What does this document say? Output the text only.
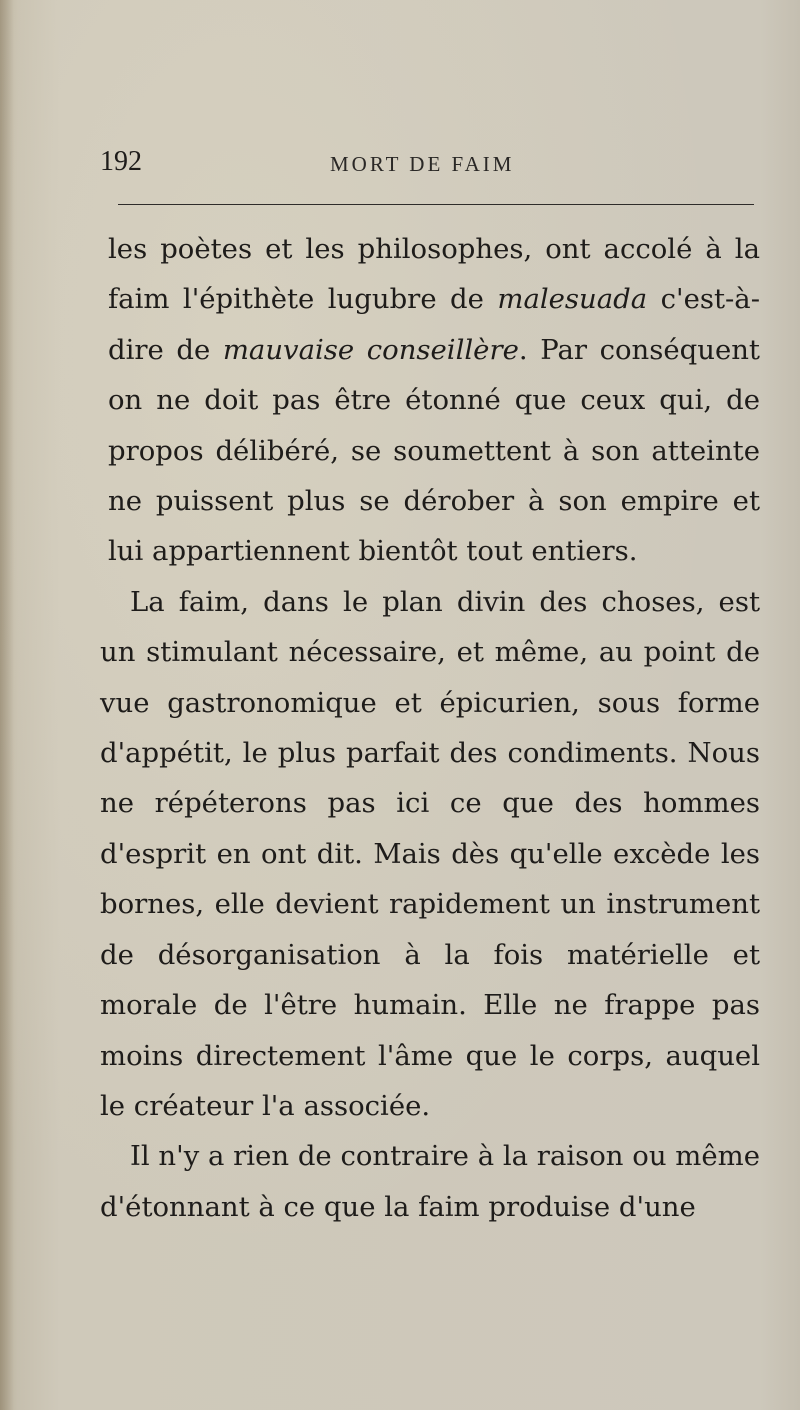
192	MORT DE FAIM

les poètes et les philosophes, ont accolé à la faim l'épithète lugubre de malesuada c'est-à-dire de mauvaise conseillère. Par conséquent on ne doit pas être étonné que ceux qui, de propos délibéré, se soumettent à son atteinte ne puissent plus se dérober à son empire et lui appartiennent bientôt tout entiers.

La faim, dans le plan divin des choses, est un stimulant nécessaire, et même, au point de vue gastronomique et épicurien, sous forme d'appétit, le plus parfait des condiments. Nous ne répéterons pas ici ce que des hommes d'esprit en ont dit. Mais dès qu'elle excède les bornes, elle devient rapidement un instrument de désorganisation à la fois matérielle et morale de l'être humain. Elle ne frappe pas moins directement l'âme que le corps, auquel le créateur l'a associée.

Il n'y a rien de contraire à la raison ou même d'étonnant à ce que la faim produise d'une
